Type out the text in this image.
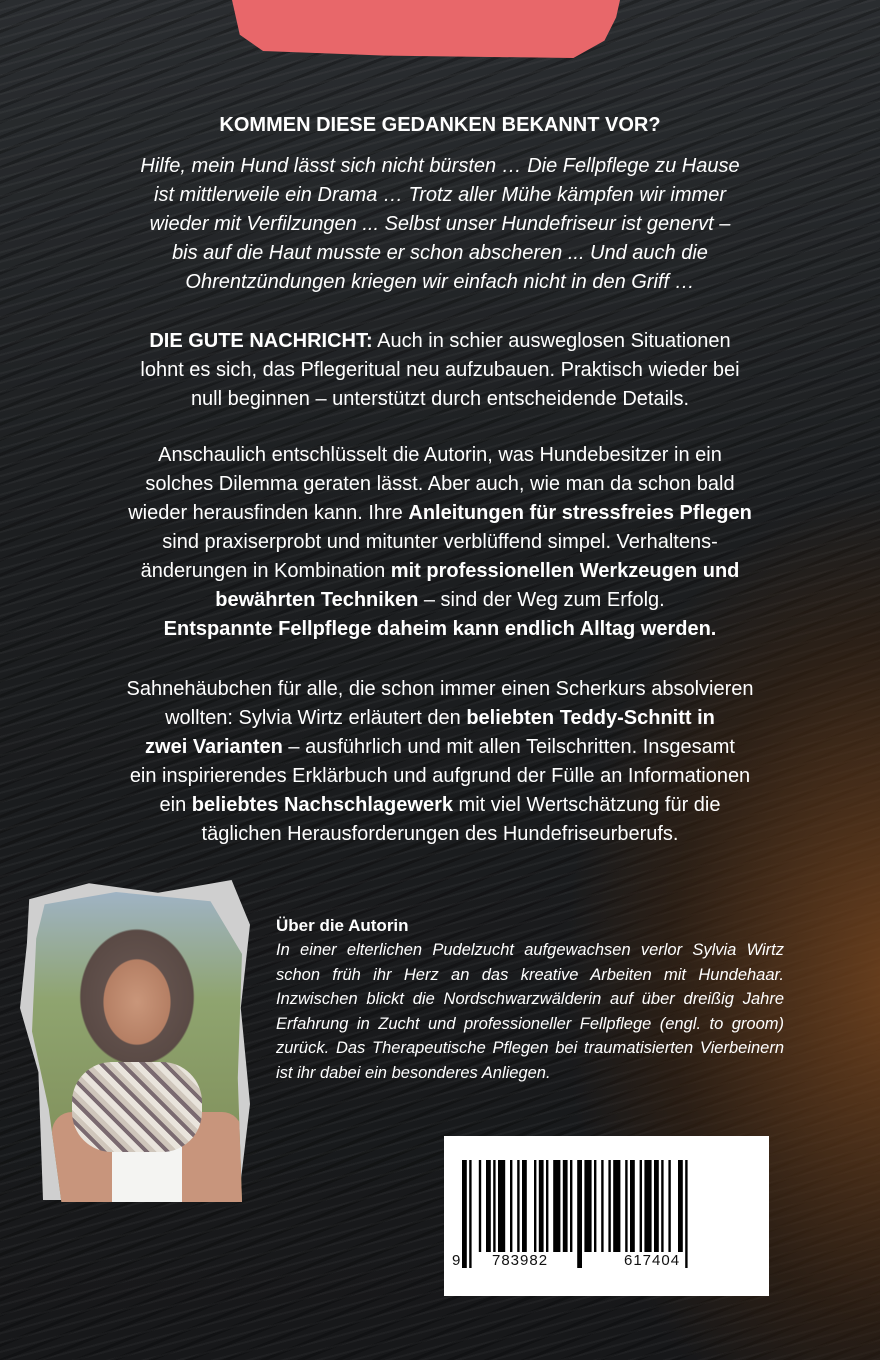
KOMMEN DIESE GEDANKEN BEKANNT VOR?
Hilfe, mein Hund lässt sich nicht bürsten … Die Fellpflege zu Hause
ist mittlerweile ein Drama … Trotz aller Mühe kämpfen wir immer
wieder mit Verfilzungen ... Selbst unser Hundefriseur ist genervt –
bis auf die Haut musste er schon abscheren ... Und auch die
Ohrentzündungen kriegen wir einfach nicht in den Griff …
DIE GUTE NACHRICHT: Auch in schier ausweglosen Situationen
lohnt es sich, das Pflegeritual neu aufzubauen. Praktisch wieder bei
null beginnen – unterstützt durch entscheidende Details.
Anschaulich entschlüsselt die Autorin, was Hundebesitzer in ein
solches Dilemma geraten lässt. Aber auch, wie man da schon bald
wieder herausfinden kann. Ihre Anleitungen für stressfreies Pflegen
sind praxiserprobt und mitunter verblüffend simpel. Verhaltens-
änderungen in Kombination mit professionellen Werkzeugen und
bewährten Techniken – sind der Weg zum Erfolg.
Entspannte Fellpflege daheim kann endlich Alltag werden.
Sahnehäubchen für alle, die schon immer einen Scherkurs absolvieren
wollten: Sylvia Wirtz erläutert den beliebten Teddy-Schnitt in
zwei Varianten – ausführlich und mit allen Teilschritten. Insgesamt
ein inspirierendes Erklärbuch und aufgrund der Fülle an Informationen
ein beliebtes Nachschlagewerk mit viel Wertschätzung für die
täglichen Herausforderungen des Hundefriseurberufs.
Über die Autorin
In einer elterlichen Pudelzucht aufgewachsen verlor Sylvia Wirtz schon früh ihr Herz an das kreative Arbeiten mit Hundehaar. Inzwischen blickt die Nordschwarzwälderin auf über dreißig Jahre Erfahrung in Zucht und professioneller Fellpflege (engl. to groom) zurück. Das Therapeutische Pflegen bei traumatisierten Vierbeinern ist ihr dabei ein besonderes Anliegen.
9 783982	617404
